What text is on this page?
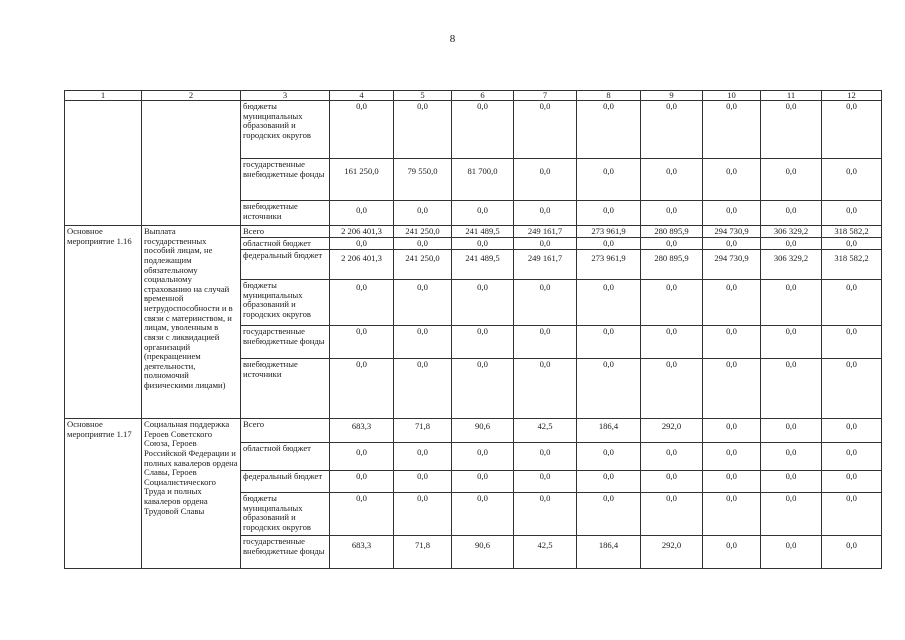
8
1	2	3	4	5	6	7	8	9	10	11	12
		бюджеты муниципальных образований и городских округов	0,0	0,0	0,0	0,0	0,0	0,0	0,0	0,0	0,0
		государственные внебюджетные фонды	161 250,0	79 550,0	81 700,0	0,0	0,0	0,0	0,0	0,0	0,0
		внебюджетные источники	0,0	0,0	0,0	0,0	0,0	0,0	0,0	0,0	0,0
Основное мероприятие 1.16	Выплата государственных пособий лицам, не подлежащим обязательному социальному страхованию на случай временной нетрудоспособности и в связи с материнством, и лицам, уволенным в связи с ликвидацией организаций (прекращением деятельности, полномочий физическими лицами)	Всего	2 206 401,3	241 250,0	241 489,5	249 161,7	273 961,9	280 895,9	294 730,9	306 329,2	318 582,2
		областной бюджет	0,0	0,0	0,0	0,0	0,0	0,0	0,0	0,0	0,0
		федеральный бюджет	2 206 401,3	241 250,0	241 489,5	249 161,7	273 961,9	280 895,9	294 730,9	306 329,2	318 582,2
		бюджеты муниципальных образований и городских округов	0,0	0,0	0,0	0,0	0,0	0,0	0,0	0,0	0,0
		государственные внебюджетные фонды	0,0	0,0	0,0	0,0	0,0	0,0	0,0	0,0	0,0
		внебюджетные источники	0,0	0,0	0,0	0,0	0,0	0,0	0,0	0,0	0,0
Основное мероприятие 1.17	Социальная поддержка Героев Советского Союза, Героев Российской Федерации и полных кавалеров ордена Славы, Героев Социалистического Труда и полных кавалеров ордена Трудовой Славы	Всего	683,3	71,8	90,6	42,5	186,4	292,0	0,0	0,0	0,0
		областной бюджет	0,0	0,0	0,0	0,0	0,0	0,0	0,0	0,0	0,0
		федеральный бюджет	0,0	0,0	0,0	0,0	0,0	0,0	0,0	0,0	0,0
		бюджеты муниципальных образований и городских округов	0,0	0,0	0,0	0,0	0,0	0,0	0,0	0,0	0,0
		государственные внебюджетные фонды	683,3	71,8	90,6	42,5	186,4	292,0	0,0	0,0	0,0
